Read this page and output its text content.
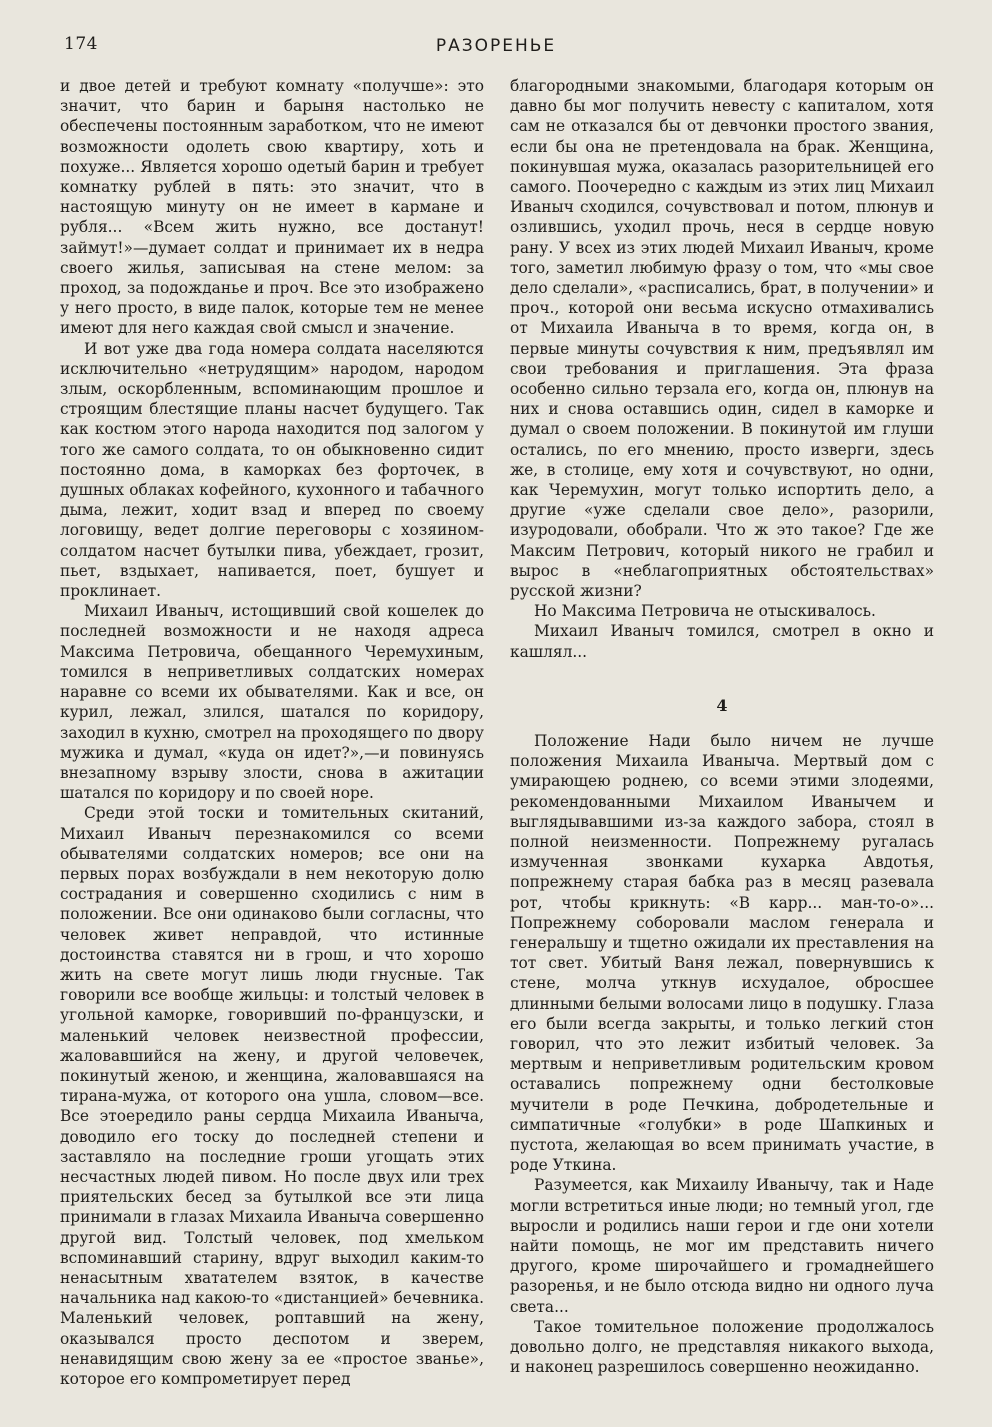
174	РАЗОРЕНЬЕ

и двое детей и требуют комнату «получше»: это значит, что барин и барыня настолько не обеспечены постоянным заработком, что не имеют возможности одолеть свою квартиру, хоть и похуже... Является хорошо одетый барин и требует комнатку рублей в пять: это значит, что в настоящую минуту он не имеет в кармане и рубля... «Всем жить нужно, все достанут! займут!»—думает солдат и принимает их в недра своего жилья, записывая на стене мелом: за проход, за подожданье и проч. Все это изображено у него просто, в виде палок, которые тем не менее имеют для него каждая свой смысл и значение.

И вот уже два года номера солдата населяются исключительно «нетрудящим» народом, народом злым, оскорбленным, вспоминающим прошлое и строящим блестящие планы насчет будущего. Так как костюм этого народа находится под залогом у того же самого солдата, то он обыкновенно сидит постоянно дома, в каморках без форточек, в душных облаках кофейного, кухонного и табачного дыма, лежит, ходит взад и вперед по своему логовищу, ведет долгие переговоры с хозяином-солдатом насчет бутылки пива, убеждает, грозит, пьет, вздыхает, напивается, поет, бушует и проклинает.

Михаил Иваныч, истощивший свой кошелек до последней возможности и не находя адреса Максима Петровича, обещанного Черемухиным, томился в неприветливых солдатских номерах наравне со всеми их обывателями. Как и все, он курил, лежал, злился, шатался по коридору, заходил в кухню, смотрел на проходящего по двору мужика и думал, «куда он идет?»,—и повинуясь внезапному взрыву злости, снова в ажитации шатался по коридору и по своей норе.

Среди этой тоски и томительных скитаний, Михаил Иваныч перезнакомился со всеми обывателями солдатских номеров; все они на первых порах возбуждали в нем некоторую долю сострадания и совершенно сходились с ним в положении. Все они одинаково были согласны, что человек живет неправдой, что истинные достоинства ставятся ни в грош, и что хорошо жить на свете могут лишь люди гнусные. Так говорили все вообще жильцы: и толстый человек в угольной каморке, говоривший по-французски, и маленький человек неизвестной профессии, жаловавшийся на жену, и другой человечек, покинутый женою, и женщина, жаловавшаяся на тирана-мужа, от которого она ушла, словом—все. Все этоередило раны сердца Михаила Иваныча, доводило его тоску до последней степени и заставляло на последние гроши угощать этих несчастных людей пивом. Но после двух или трех приятельских бесед за бутылкой все эти лица принимали в глазах Михаила Иваныча совершенно другой вид. Толстый человек, под хмельком вспоминавший старину, вдруг выходил каким-то ненасытным хватателем взяток, в качестве начальника над какою-то «дистанцией» бечевника. Маленький человек, роптавший на жену, оказывался просто деспотом и зверем, ненавидящим свою жену за ее «простое званье», которое его компрометирует перед

благородными знакомыми, благодаря которым он давно бы мог получить невесту с капиталом, хотя сам не отказался бы от девчонки простого звания, если бы она не претендовала на брак. Женщина, покинувшая мужа, оказалась разорительницей его самого. Поочередно с каждым из этих лиц Михаил Иваныч сходился, сочувствовал и потом, плюнув и озлившись, уходил прочь, неся в сердце новую рану. У всех из этих людей Михаил Иваныч, кроме того, заметил любимую фразу о том, что «мы свое дело сделали», «расписались, брат, в получении» и проч., которой они весьма искусно отмахивались от Михаила Иваныча в то время, когда он, в первые минуты сочувствия к ним, предъявлял им свои требования и приглашения. Эта фраза особенно сильно терзала его, когда он, плюнув на них и снова оставшись один, сидел в каморке и думал о своем положении. В покинутой им глуши остались, по его мнению, просто изверги, здесь же, в столице, ему хотя и сочувствуют, но одни, как Черемухин, могут только испортить дело, а другие «уже сделали свое дело», разорили, изуродовали, обобрали. Что ж это такое? Где же Максим Петрович, который никого не грабил и вырос в «неблагоприятных обстоятельствах» русской жизни?

Но Максима Петровича не отыскивалось.

Михаил Иваныч томился, смотрел в окно и кашлял...

4

Положение Нади было ничем не лучше положения Михаила Иваныча. Мертвый дом с умирающею роднею, со всеми этими злодеями, рекомендованными Михаилом Иванычем и выглядывавшими из-за каждого забора, стоял в полной неизменности. Попрежнему ругалась измученная звонками кухарка Авдотья, попрежнему старая бабка раз в месяц разевала рот, чтобы крикнуть: «В карр... ман-то-о»... Попрежнему соборовали маслом генерала и генеральшу и тщетно ожидали их преставления на тот свет. Убитый Ваня лежал, повернувшись к стене, молча уткнув исхудалое, обросшее длинными белыми волосами лицо в подушку. Глаза его были всегда закрыты, и только легкий стон говорил, что это лежит избитый человек. За мертвым и неприветливым родительским кровом оставались попрежнему одни бестолковые мучители в роде Печкина, добродетельные и симпатичные «голубки» в роде Шапкиных и пустота, желающая во всем принимать участие, в роде Уткина.

Разумеется, как Михаилу Иванычу, так и Наде могли встретиться иные люди; но темный угол, где выросли и родились наши герои и где они хотели найти помощь, не мог им представить ничего другого, кроме широчайшего и громаднейшего разоренья, и не было отсюда видно ни одного луча света...

Такое томительное положение продолжалось довольно долго, не представляя никакого выхода, и наконец разрешилось совершенно неожиданно.
